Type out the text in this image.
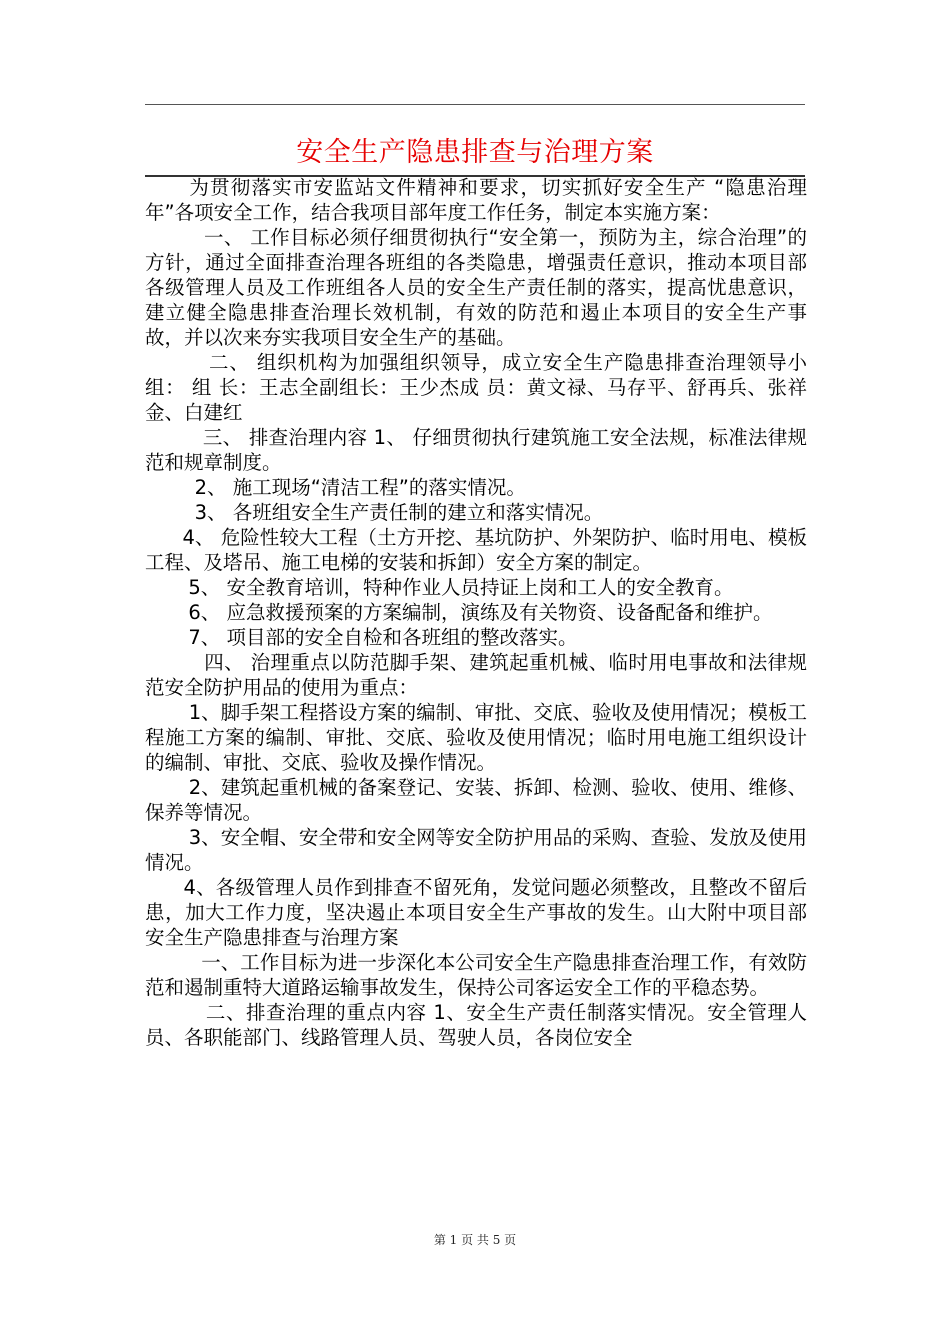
安全生产隐患排查与治理方案

为贯彻落实市安监站文件精神和要求，切实抓好安全生产 “隐患治理年”各项安全工作，结合我项目部年度工作任务，制定本实施方案：

一、 工作目标必须仔细贯彻执行“安全第一，预防为主，综合治理”的方针，通过全面排查治理各班组的各类隐患，增强责任意识，推动本项目部各级管理人员及工作班组各人员的安全生产责任制的落实，提高忧患意识，建立健全隐患排查治理长效机制，有效的防范和遏止本项目的安全生产事故，并以次来夯实我项目安全生产的基础。

二、 组织机构为加强组织领导，成立安全生产隐患排查治理领导小组： 组 长：王志全副组长：王少杰成 员：黄文禄、马存平、舒再兵、张祥金、白建红

三、 排查治理内容 1、 仔细贯彻执行建筑施工安全法规，标准法律规范和规章制度。

2、 施工现场“清洁工程”的落实情况。

3、 各班组安全生产责任制的建立和落实情况。

4、 危险性较大工程（土方开挖、基坑防护、外架防护、临时用电、模板工程、及塔吊、施工电梯的安装和拆卸）安全方案的制定。

5、 安全教育培训，特种作业人员持证上岗和工人的安全教育。

6、 应急救援预案的方案编制，演练及有关物资、设备配备和维护。

7、 项目部的安全自检和各班组的整改落实。

四、 治理重点以防范脚手架、建筑起重机械、临时用电事故和法律规范安全防护用品的使用为重点：

1、脚手架工程搭设方案的编制、审批、交底、验收及使用情况；模板工程施工方案的编制、审批、交底、验收及使用情况；临时用电施工组织设计的编制、审批、交底、验收及操作情况。

2、建筑起重机械的备案登记、安装、拆卸、检测、验收、使用、维修、保养等情况。

3、安全帽、安全带和安全网等安全防护用品的采购、查验、发放及使用情况。

4、各级管理人员作到排查不留死角，发觉问题必须整改，且整改不留后患，加大工作力度，坚决遏止本项目安全生产事故的发生。山大附中项目部安全生产隐患排查与治理方案

一、工作目标为进一步深化本公司安全生产隐患排查治理工作，有效防范和遏制重特大道路运输事故发生，保持公司客运安全工作的平稳态势。

二、排查治理的重点内容 1、安全生产责任制落实情况。安全管理人员、各职能部门、线路管理人员、驾驶人员，各岗位安全

第 1 页 共 5 页
